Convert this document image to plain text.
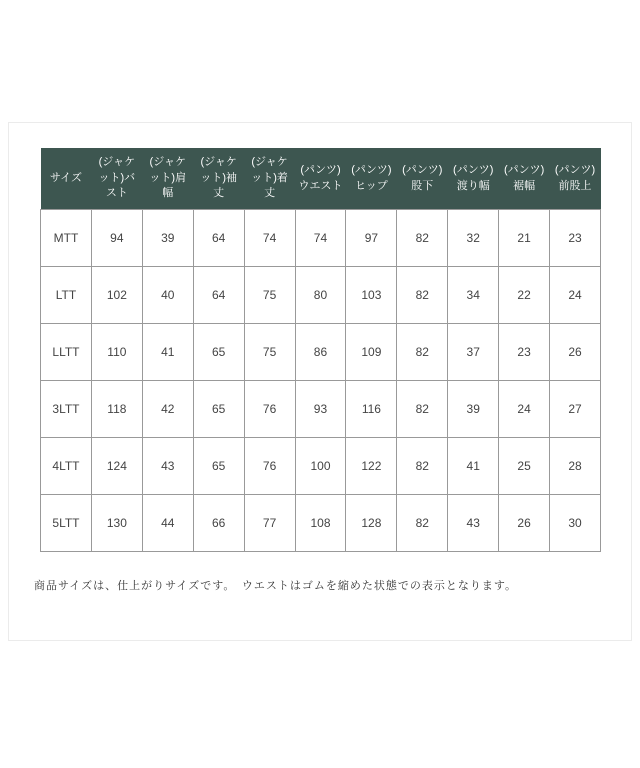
サイズ	(ジャケット)バスト	(ジャケット)肩幅	(ジャケット)袖丈	(ジャケット)着丈	(パンツ)ウエスト	(パンツ)ヒップ	(パンツ)股下	(パンツ)渡り幅	(パンツ)裾幅	(パンツ)前股上
MTT	94	39	64	74	74	97	82	32	21	23
LTT	102	40	64	75	80	103	82	34	22	24
LLTT	110	41	65	75	86	109	82	37	23	26
3LTT	118	42	65	76	93	116	82	39	24	27
4LTT	124	43	65	76	100	122	82	41	25	28
5LTT	130	44	66	77	108	128	82	43	26	30
商品サイズは、仕上がりサイズです。　ウエストはゴムを縮めた状態での表示となります。
